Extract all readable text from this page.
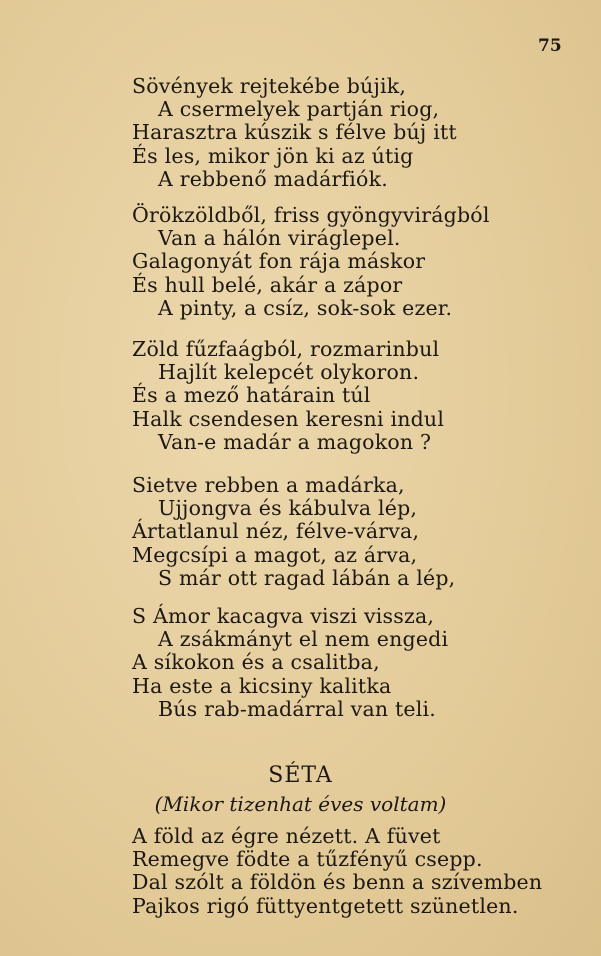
75
Sövények rejtekébe bújik,
A csermelyek partján riog,
Harasztra kúszik s félve búj itt
És les, mikor jön ki az útig
A rebbenő madárfiók.
Örökzöldből, friss gyöngyvirágból
Van a hálón viráglepel.
Galagonyát fon rája máskor
És hull belé, akár a zápor
A pinty, a csíz, sok-sok ezer.
Zöld fűzfaágból, rozmarinbul
Hajlít kelepcét olykoron.
És a mező határain túl
Halk csendesen keresni indul
Van-e madár a magokon ?
Sietve rebben a madárka,
Ujjongva és kábulva lép,
Ártatlanul néz, félve-várva,
Megcsípi a magot, az árva,
S már ott ragad lábán a lép,
S Ámor kacagva viszi vissza,
A zsákmányt el nem engedi
A síkokon és a csalitba,
Ha este a kicsiny kalitka
Bús rab-madárral van teli.
SÉTA
(Mikor tizenhat éves voltam)
A föld az égre nézett. A füvet
Remegve födte a tűzfényű csepp.
Dal szólt a földön és benn a szívemben
Pajkos rigó füttyentgetett szünetlen.
